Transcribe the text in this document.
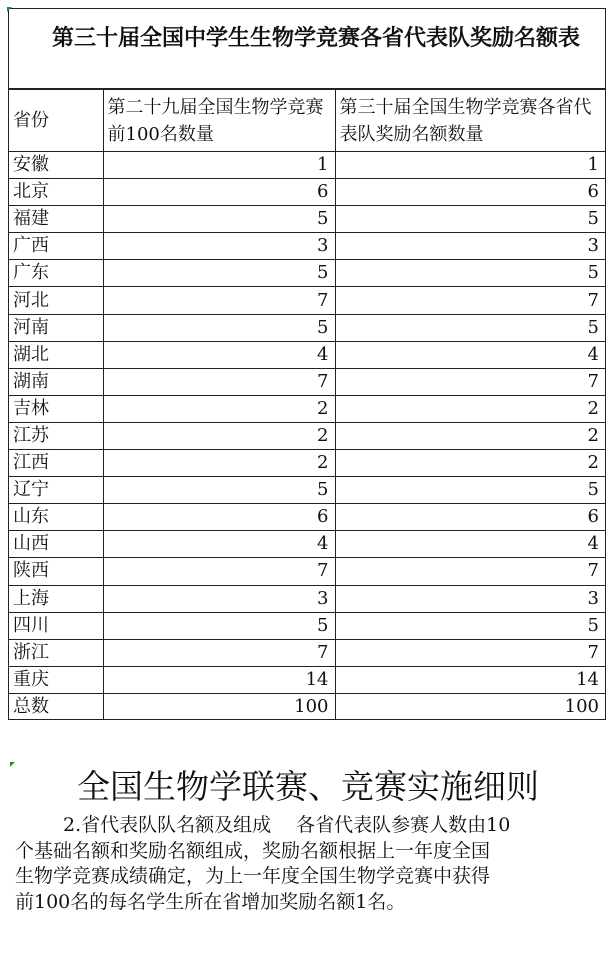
第三十届全国中学生生物学竞赛各省代表队奖励名额表
省份	第二十九届全国生物学竞赛前100名数量	第三十届全国生物学竞赛各省代表队奖励名额数量
安徽	1	1
北京	6	6
福建	5	5
广西	3	3
广东	5	5
河北	7	7
河南	5	5
湖北	4	4
湖南	7	7
吉林	2	2
江苏	2	2
江西	2	2
辽宁	5	5
山东	6	6
山西	4	4
陕西	7	7
上海	3	3
四川	5	5
浙江	7	7
重庆	14	14
总数	100	100
全国生物学联赛、竞赛实施细则
2.省代表队队名额及组成　 各省代表队参赛人数由10
个基础名额和奖励名额组成，奖励名额根据上一年度全国
生物学竞赛成绩确定，为上一年度全国生物学竞赛中获得
前100名的每名学生所在省增加奖励名额1名。
